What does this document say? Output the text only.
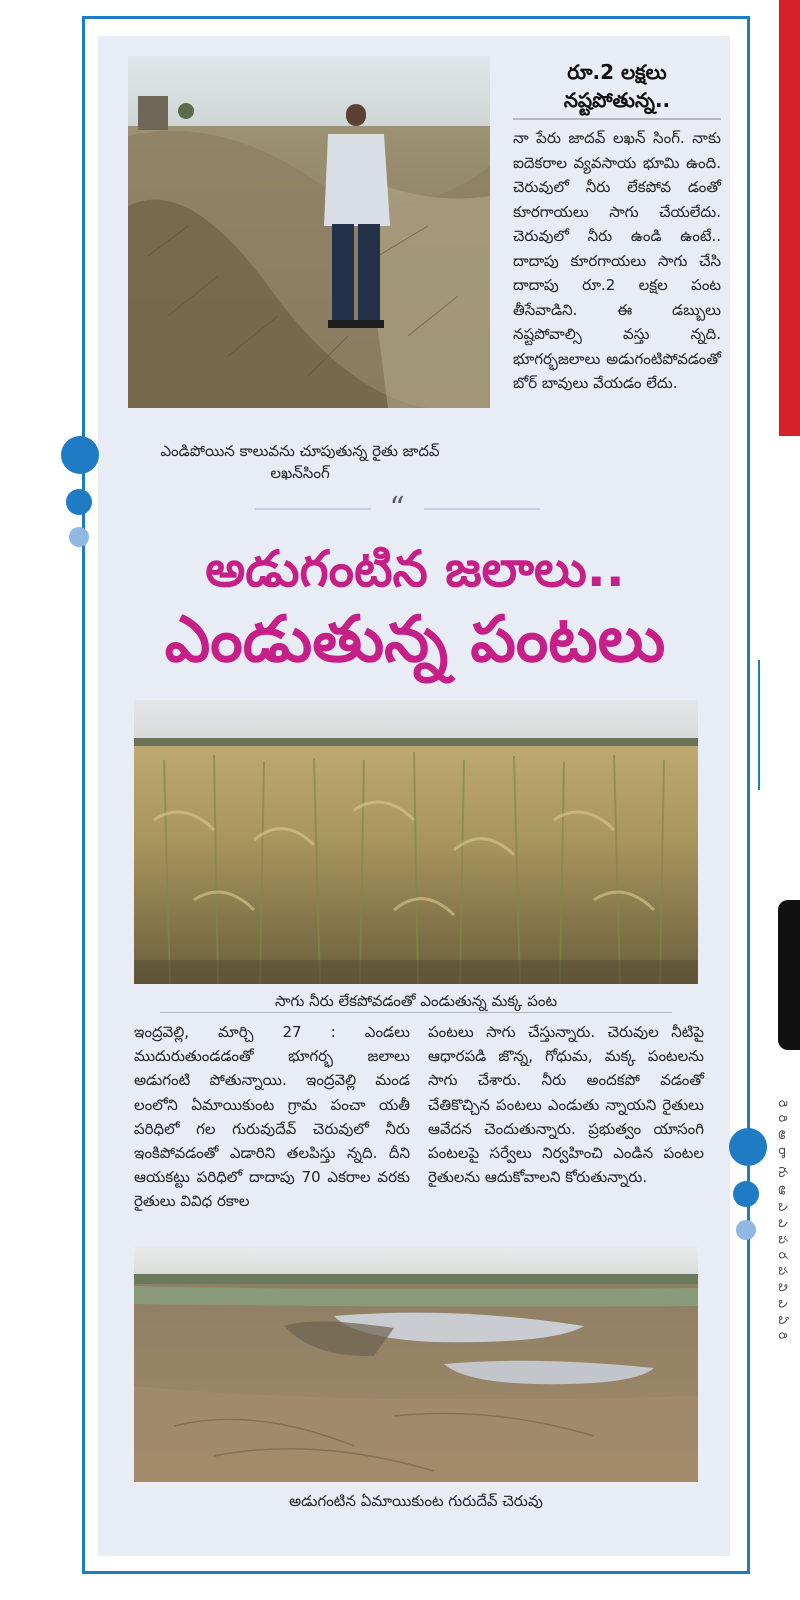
రె రి అ రా గు ఆ ఎ ఎ ప ర ప వి ఎ ఏ రి
ఎండిపోయిన కాలువను చూపుతున్న రైతు జాదవ్ లఖన్‌సింగ్
రూ.2 లక్షలు నష్టపోతున్న..
నా పేరు జాదవ్ లఖన్ సింగ్. నాకు ఐదెకరాల వ్యవసాయ భూమి ఉంది. చెరువులో నీరు లేకపోవ డంతో కూరగాయలు సాగు చేయలేదు. చెరువులో నీరు ఉండి ఉంటే.. దాదాపు కూరగాయలు సాగు చేసి దాదాపు రూ.2 లక్షల పంట తీసేవాడిని. ఈ డబ్బులు నష్టపోవాల్సి వస్తు న్నది. భూగర్భజలాలు అడుగంటిపోవడంతో బోర్ బావులు వేయడం లేదు.
“
అడుగంటిన జలాలు..
ఎండుతున్న పంటలు
సాగు నీరు లేకపోవడంతో ఎండుతున్న మక్క పంట
ఇంద్రవెల్లి, మార్చి 27 : ఎండలు ముదురుతుండడంతో భూగర్భ జలాలు అడుగంటి పోతున్నాయి. ఇంద్రవెల్లి మండ లంలోని ఏమాయికుంట గ్రామ పంచా యతీ పరిధిలో గల గురువుదేవ్ చెరువులో నీరు ఇంకిపోవడంతో ఎడారిని తలపిస్తు న్నది. దీని ఆయకట్టు పరిధిలో దాదాపు 70 ఎకరాల వరకు రైతులు వివిధ రకాల
పంటలు సాగు చేస్తున్నారు. చెరువుల నీటిపై ఆధారపడి జొన్న, గోధుమ, మక్క పంటలను సాగు చేశారు. నీరు అందకపో వడంతో చేతికొచ్చిన పంటలు ఎండుతు న్నాయని రైతులు ఆవేదన చెందుతున్నారు. ప్రభుత్వం యాసంగి పంటలపై సర్వేలు నిర్వహించి ఎండిన పంటల రైతులను ఆదుకోవాలని కోరుతున్నారు.
అడుగంటిన ఏమాయికుంట గురుదేవ్ చెరువు
